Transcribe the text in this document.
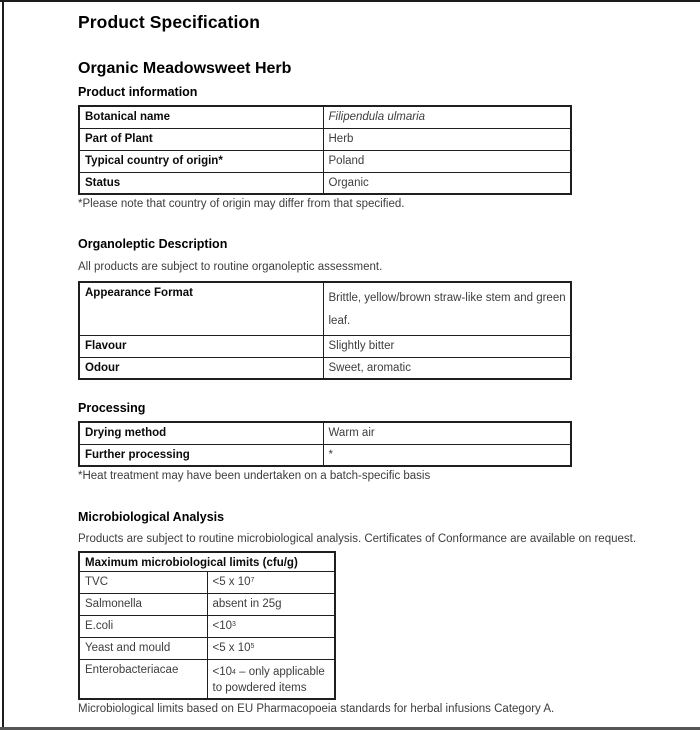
Product Specification
Organic Meadowsweet Herb
Product information
Botanical name	Filipendula ulmaria
Part of Plant	Herb
Typical country of origin*	Poland
Status	Organic

*Please note that country of origin may differ from that specified.

Organoleptic Description

All products are subject to routine organoleptic assessment.

Appearance Format	Brittle, yellow/brown straw-like stem and green
leaf.

Flavour	Slightly bitter
Odour	Sweet, aromatic
Processing
Drying method	Warm air
Further processing	*

*Heat treatment may have been undertaken on a batch-specific basis

Microbiological Analysis

Products are subject to routine microbiological analysis. Certificates of Conformance are available on request.

Maximum microbiological limits (cfu/g)	
TVC	<5 x $10^7$
Salmonella	absent in 25g
E.coli	$<10^3$
Yeast and mould	<5 x $10^5$
Enterobacteriacae	$<10^4$ – only applicable to powdered items

Microbiological limits based on EU Pharmacopoeia standards for herbal infusions Category A.
